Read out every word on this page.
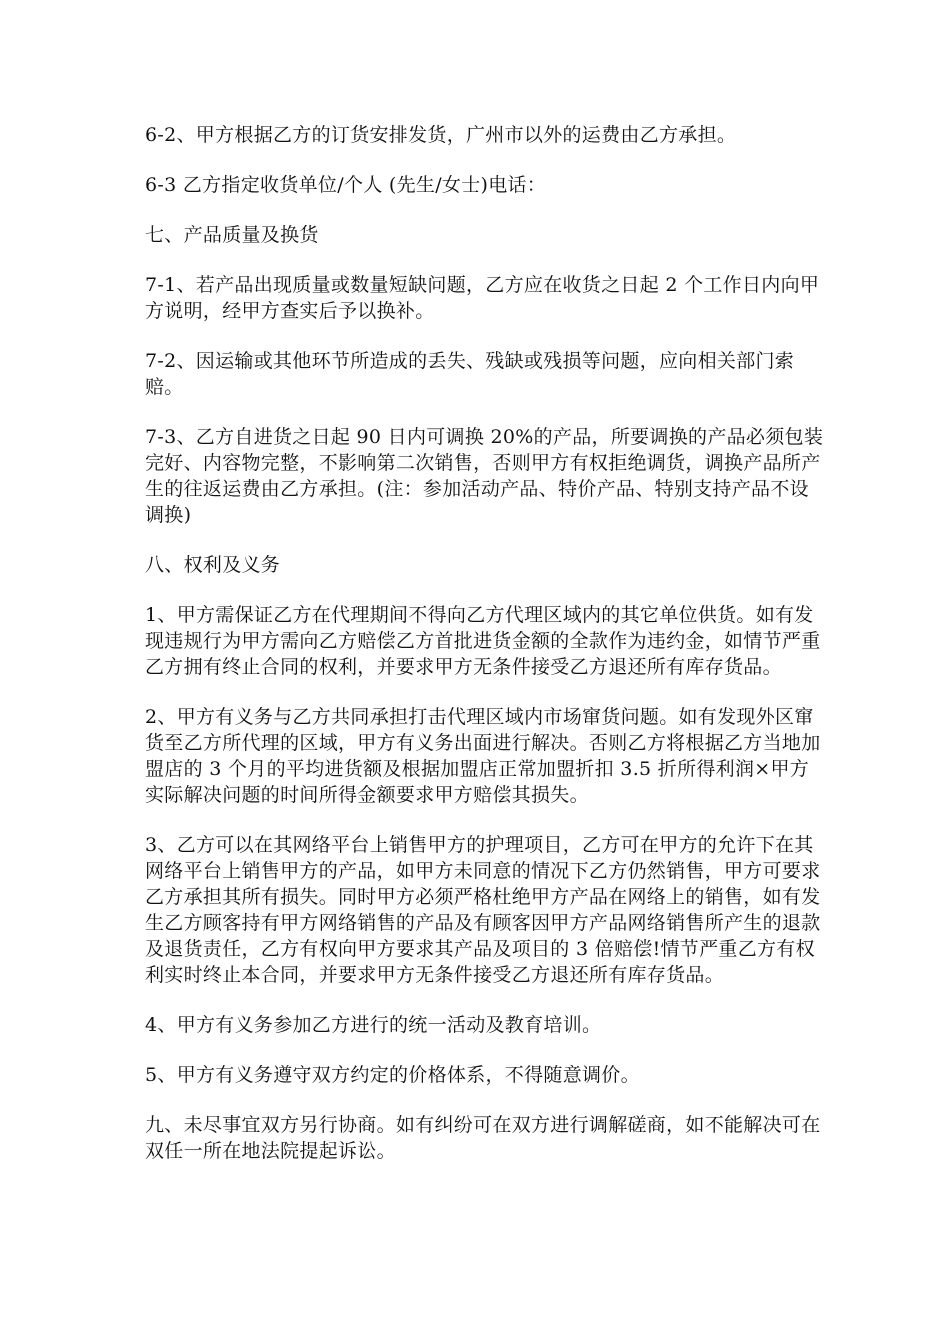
6-2、甲方根据乙方的订货安排发货，广州市以外的运费由乙方承担。

6-3 乙方指定收货单位/个人 (先生/女士)电话：

七、产品质量及换货

7-1、若产品出现质量或数量短缺问题，乙方应在收货之日起 2 个工作日内向甲方说明，经甲方查实后予以换补。

7-2、因运输或其他环节所造成的丢失、残缺或残损等问题，应向相关部门索赔。

7-3、乙方自进货之日起 90 日内可调换 20%的产品，所要调换的产品必须包装完好、内容物完整，不影响第二次销售，否则甲方有权拒绝调货，调换产品所产生的往返运费由乙方承担。(注：参加活动产品、特价产品、特别支持产品不设调换)

八、权利及义务

1、甲方需保证乙方在代理期间不得向乙方代理区域内的其它单位供货。如有发现违规行为甲方需向乙方赔偿乙方首批进货金额的全款作为违约金，如情节严重乙方拥有终止合同的权利，并要求甲方无条件接受乙方退还所有库存货品。

2、甲方有义务与乙方共同承担打击代理区域内市场窜货问题。如有发现外区窜货至乙方所代理的区域，甲方有义务出面进行解决。否则乙方将根据乙方当地加盟店的 3 个月的平均进货额及根据加盟店正常加盟折扣 3.5 折所得利润×甲方实际解决问题的时间所得金额要求甲方赔偿其损失。

3、乙方可以在其网络平台上销售甲方的护理项目，乙方可在甲方的允许下在其网络平台上销售甲方的产品，如甲方未同意的情况下乙方仍然销售，甲方可要求乙方承担其所有损失。同时甲方必须严格杜绝甲方产品在网络上的销售，如有发生乙方顾客持有甲方网络销售的产品及有顾客因甲方产品网络销售所产生的退款及退货责任，乙方有权向甲方要求其产品及项目的 3 倍赔偿!情节严重乙方有权利实时终止本合同，并要求甲方无条件接受乙方退还所有库存货品。

4、甲方有义务参加乙方进行的统一活动及教育培训。

5、甲方有义务遵守双方约定的价格体系，不得随意调价。

九、未尽事宜双方另行协商。如有纠纷可在双方进行调解磋商，如不能解决可在双任一所在地法院提起诉讼。
